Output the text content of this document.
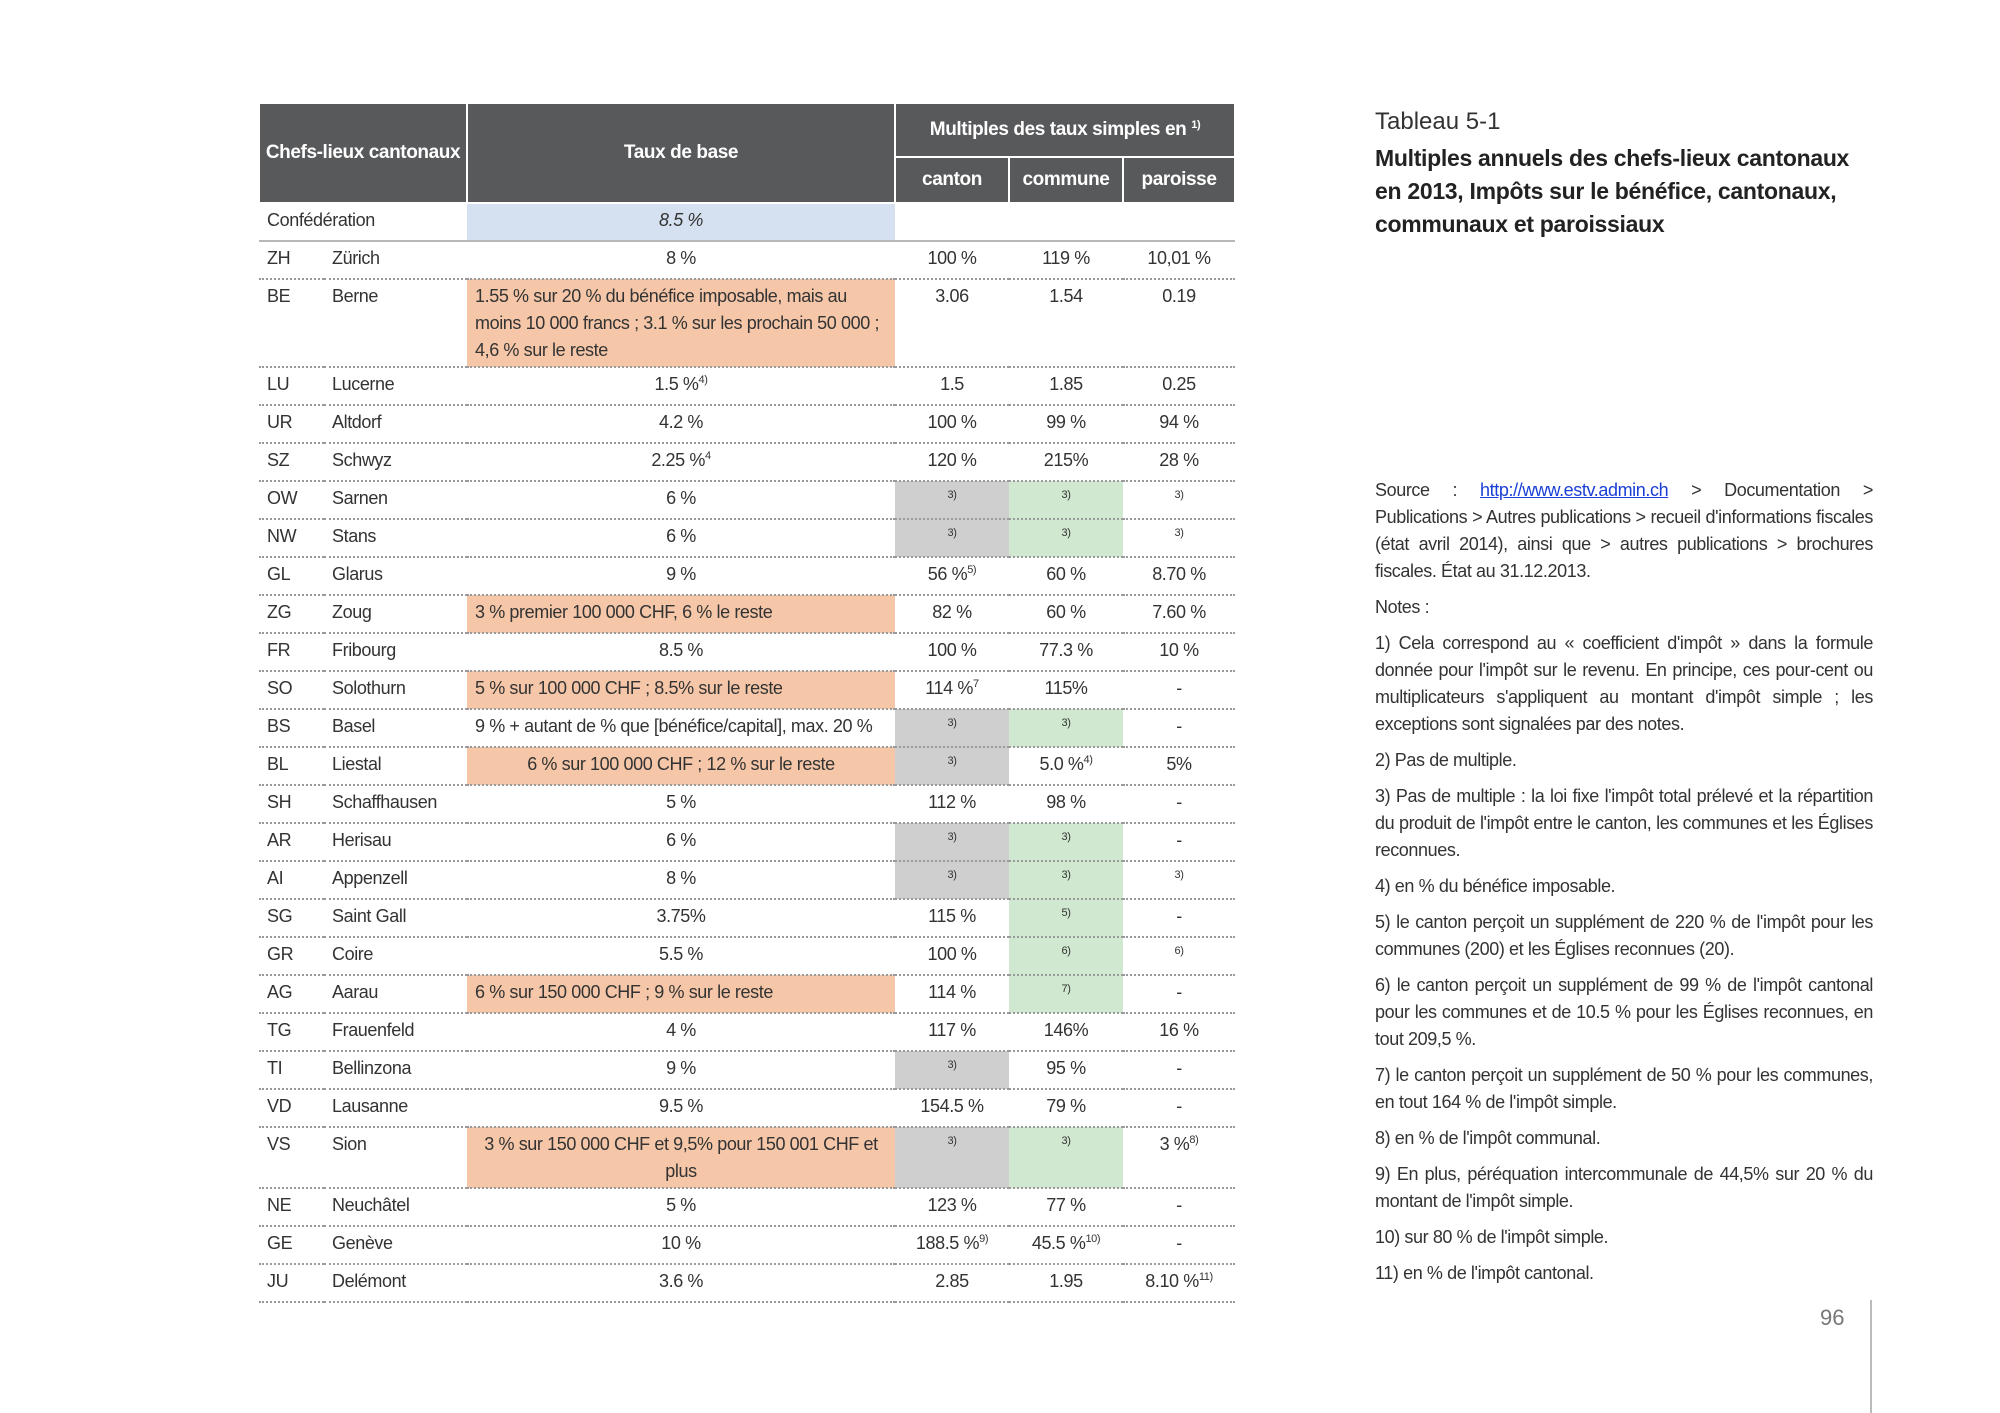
Chefs-lieux cantonaux		Taux de base	Multiples des taux simples en $^{1)}$
			canton	commune	paroisse
Confédération		8.5 %			
ZH	Zürich	8 %	100 %	119 %	10,01 %
BE	Berne	1.55 % sur 20 % du bénéfice imposable, mais au moins 10 000 francs ; 3.1 % sur les prochain 50 000 ; 4,6 % sur le reste	3.06	1.54	0.19
LU	Lucerne	1.5 %$^{4)}$	1.5	1.85	0.25
UR	Altdorf	4.2 %	100 %	99 %	94 %
SZ	Schwyz	2.25 %$^4$	120 %	215%	28 %
OW	Sarnen	6 %	$^{3)}$	$^{3)}$	$^{3)}$
NW	Stans	6 %	$^{3)}$	$^{3)}$	$^{3)}$
GL	Glarus	9 %	56 %$^{5)}$	60 %	8.70 %
ZG	Zoug	3 % premier 100 000 CHF, 6 % le reste	82 %	60 %	7.60 %
FR	Fribourg	8.5 %	100 %	77.3 %	10 %
SO	Solothurn	5 % sur 100 000 CHF ; 8.5% sur le reste	114 %$^7$	115%	-
BS	Basel	9 % + autant de % que [bénéfice/capital], max. 20 %	$^{3)}$	$^{3)}$	-
BL	Liestal	6 % sur 100 000 CHF ; 12 % sur le reste	$^{3)}$	5.0 %$^{4)}$	5%
SH	Schaffhausen	5 %	112 %	98 %	-
AR	Herisau	6 %	$^{3)}$	$^{3)}$	-
AI	Appenzell	8 %	$^{3)}$	$^{3)}$	$^{3)}$
SG	Saint Gall	3.75%	115 %	$^{5)}$	-
GR	Coire	5.5 %	100 %	$^{6)}$	$^{6)}$
AG	Aarau	6 % sur 150 000 CHF ; 9 % sur le reste	114 %	$^{7)}$	-
TG	Frauenfeld	4 %	117 %	146%	16 %
TI	Bellinzona	9 %	$^{3)}$	95 %	-
VD	Lausanne	9.5 %	154.5 %	79 %	-
VS	Sion	3 % sur 150 000 CHF et 9,5% pour 150 001 CHF et plus	$^{3)}$	$^{3)}$	3 %$^{8)}$
NE	Neuchâtel	5 %	123 %	77 %	-
GE	Genève	10 %	188.5 %$^{9)}$	45.5 %$^{10)}$	-
JU	Delémont	3.6 %	2.85	1.95	8.10 %$^{11)}$
Tableau 5-1
Multiples annuels des chefs-lieux cantonaux en 2013, Impôts sur le bénéfice, cantonaux, communaux et paroissiaux

Source : http://www.estv.admin.ch > Documentation > Publications > Autres publications > recueil d'informations fiscales (état avril 2014), ainsi que > autres publications > brochures fiscales. État au 31.12.2013.

Notes :

1) Cela correspond au « coefficient d'impôt » dans la formule donnée pour l'impôt sur le revenu. En principe, ces pour-cent ou multiplicateurs s'appliquent au montant d'impôt simple ; les exceptions sont signalées par des notes.

2) Pas de multiple.

3) Pas de multiple : la loi fixe l'impôt total prélevé et la répartition du produit de l'impôt entre le canton, les communes et les Églises reconnues.

4) en % du bénéfice imposable.

5) le canton perçoit un supplément de 220 % de l'impôt pour les communes (200) et les Églises reconnues (20).

6) le canton perçoit un supplément de 99 % de l'impôt cantonal pour les communes et de 10.5 % pour les Églises reconnues, en tout 209,5 %.

7) le canton perçoit un supplément de 50 % pour les communes, en tout 164 % de l'impôt simple.

8) en % de l'impôt communal.

9) En plus, péréquation intercommunale de 44,5% sur 20 % du montant de l'impôt simple.

10) sur 80 % de l'impôt simple.

11) en % de l'impôt cantonal.

96
